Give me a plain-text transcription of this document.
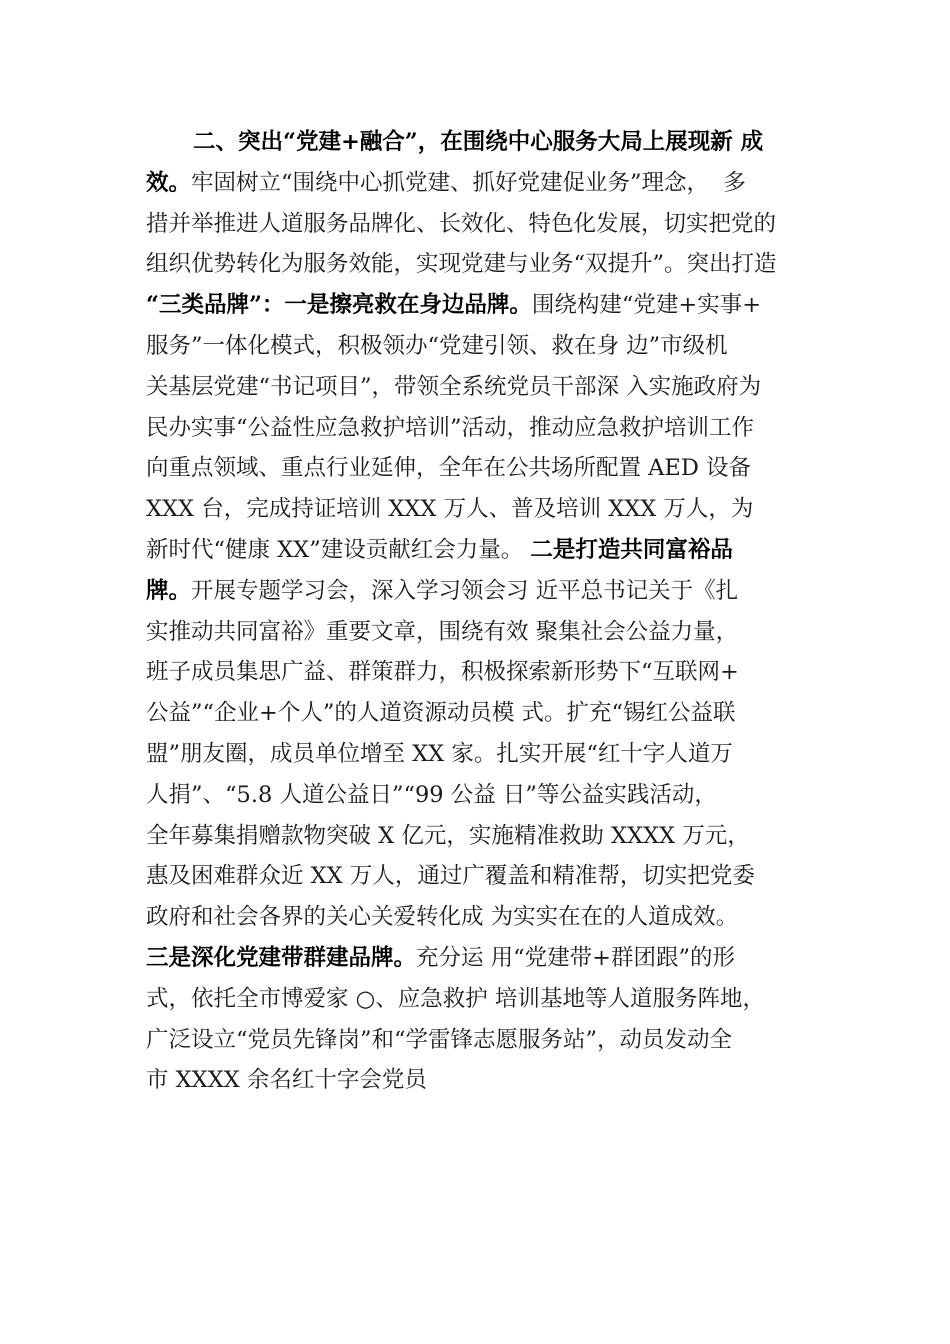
二、突出“党建+融合”，在围绕中心服务大局上展现新 成
效。牢固树立“围绕中心抓党建、抓好党建促业务”理念，  多
措并举推进人道服务品牌化、长效化、特色化发展，切实把党的
组织优势转化为服务效能，实现党建与业务“双提升”。突出打造
“三类品牌”：一是擦亮救在身边品牌。围绕构建“党建+实事+
服务”一体化模式，积极领办“党建引领、救在身 边”市级机
关基层党建“书记项目”，带领全系统党员干部深 入实施政府为
民办实事“公益性应急救护培训”活动，推动应急救护培训工作
向重点领域、重点行业延伸，全年在公共场所配置 AED 设备
XXX 台，完成持证培训 XXX 万人、普及培训 XXX 万人，为
新时代“健康 XX”建设贡献红会力量。 二是打造共同富裕品
牌。开展专题学习会，深入学习领会习 近平总书记关于《扎
实推动共同富裕》重要文章，围绕有效 聚集社会公益力量，
班子成员集思广益、群策群力，积极探索新形势下“互联网+
公益”“企业+个人”的人道资源动员模 式。扩充“锡红公益联
盟”朋友圈，成员单位增至 XX 家。扎实开展“红十字人道万
人捐”、“5.8 人道公益日”“99 公益 日”等公益实践活动，
全年募集捐赠款物突破 X 亿元，实施精准救助 XXXX 万元，
惠及困难群众近 XX 万人，通过广覆盖和精准帮，切实把党委
政府和社会各界的关心关爱转化成 为实实在在的人道成效。
三是深化党建带群建品牌。充分运 用“党建带+群团跟”的形
式，依托全市博爱家 ○、应急救护 培训基地等人道服务阵地，
广泛设立“党员先锋岗”和“学雷锋志愿服务站”，动员发动全
市 XXXX 余名红十字会党员
